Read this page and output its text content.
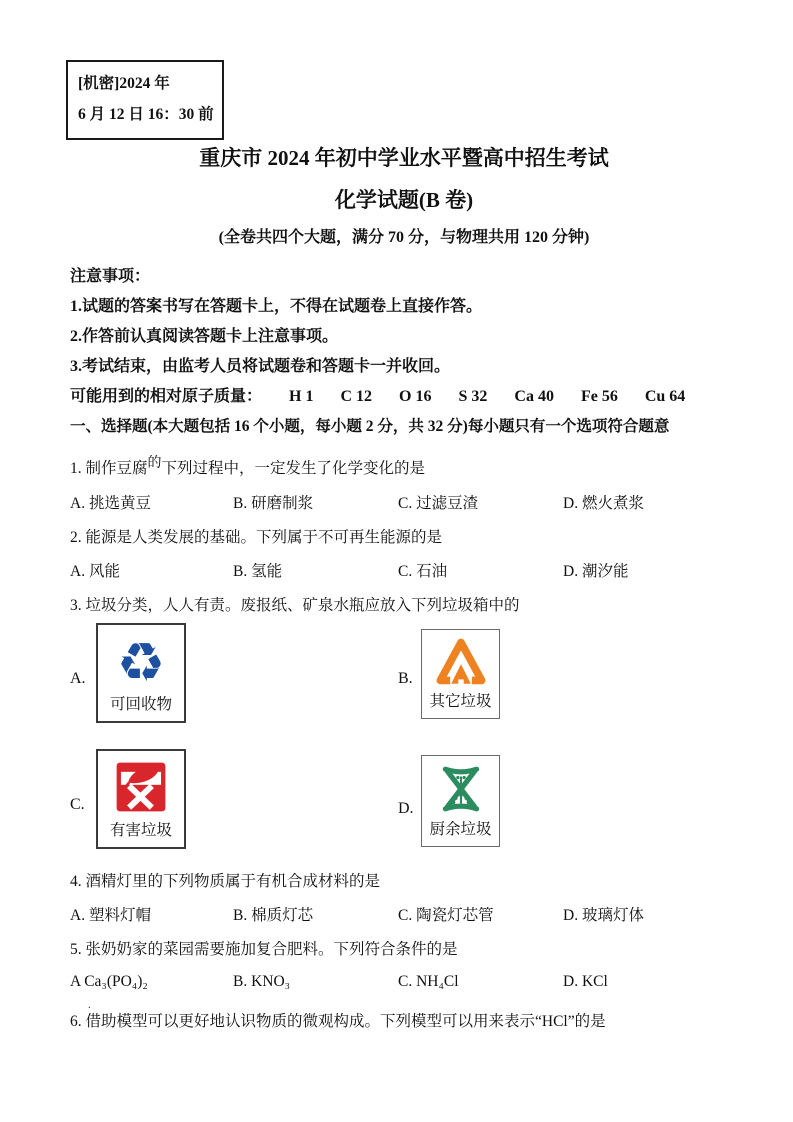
[机密]2024 年
6 月 12 日 16：30 前
重庆市 2024 年初中学业水平暨高中招生考试
化学试题(B 卷)
(全卷共四个大题，满分 70 分，与物理共用 120 分钟)
注意事项：

1.试题的答案书写在答题卡上，不得在试题卷上直接作答。

2.作答前认真阅读答题卡上注意事项。

3.考试结束，由监考人员将试题卷和答题卡一并收回。

可能用到的相对原子质量： H 1 C 12 O 16 S 32 Ca 40 Fe 56 Cu 64
一、选择题(本大题包括 16 个小题，每小题 2 分，共 32 分)每小题只有一个选项符合题意

1. 制作豆腐的下列过程中，一定发生了化学变化的是

A. 挑选黄豆	B. 研磨制浆	C. 过滤豆渣	D. 燃火煮浆

2. 能源是人类发展的基础。下列属于不可再生能源的是

A. 风能	B. 氢能	C. 石油	D. 潮汐能

3. 垃圾分类，人人有责。废报纸、矿泉水瓶应放入下列垃圾箱中的

A. ♻
可回收物
B.
其它垃圾
C.
有害垃圾
D.
厨余垃圾

4. 酒精灯里的下列物质属于有机合成材料的是

A. 塑料灯帽	B. 棉质灯芯	C. 陶瓷灯芯管	D. 玻璃灯体

5. 张奶奶家的菜园需要施加复合肥料。下列符合条件的是

A Ca₃(PO₄)₂	B. KNO₃	C. NH₄Cl	D. KCl
.

6. 借助模型可以更好地认识物质的微观构成。下列模型可以用来表示“HCl”的是
